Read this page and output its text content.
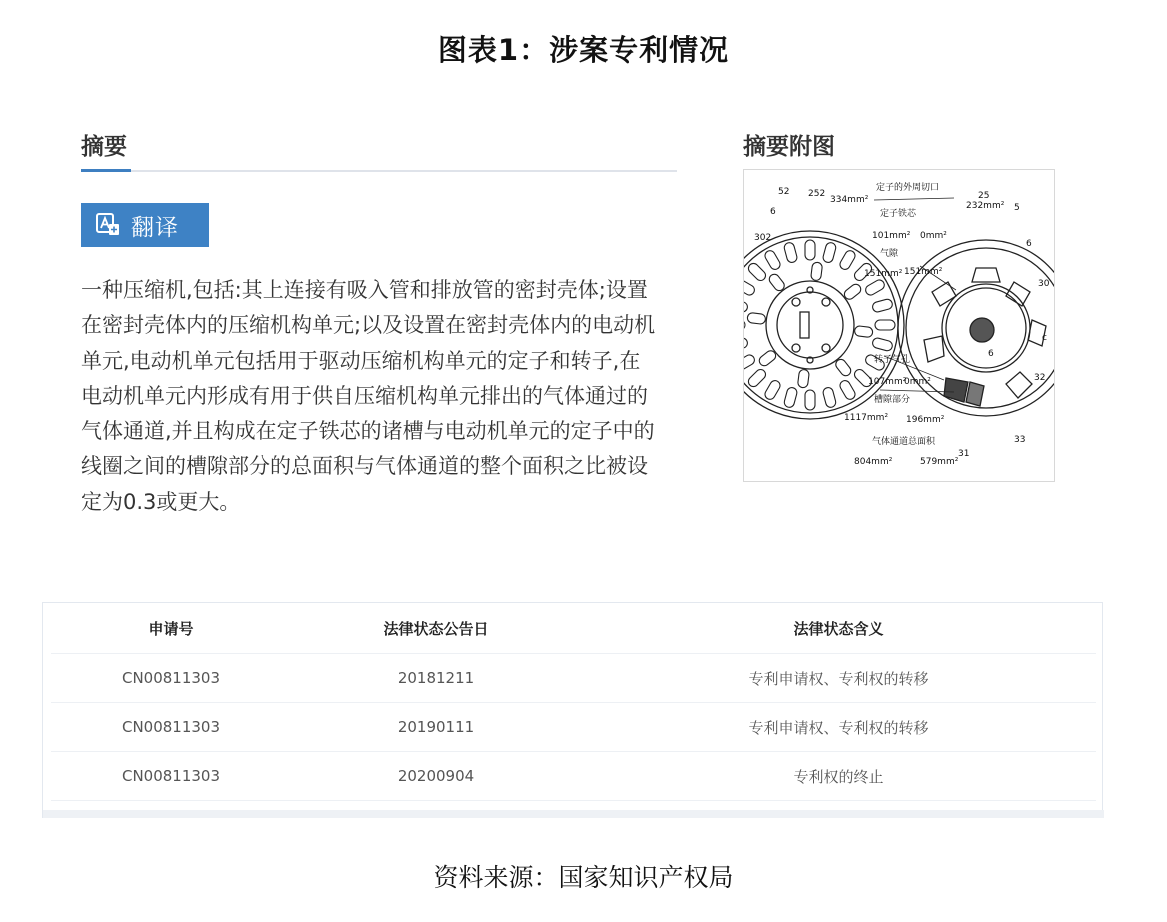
图表1：涉案专利情况
摘要
翻译
一种压缩机,包括:其上连接有吸入管和排放管的密封壳体;设置
在密封壳体内的压缩机构单元;以及设置在密封壳体内的电动机
单元,电动机单元包括用于驱动压缩机构单元的定子和转子,在
电动机单元内形成有用于供自压缩机构单元排出的气体通过的
气体通道,并且构成在定子铁芯的诸槽与电动机单元的定子中的
线圈之间的槽隙部分的总面积与气体通道的整个面积之比被设
定为0.3或更大。
摘要附图
52 252
334mm²
定子的外周切口
定子铁芯
101mm² 0mm²
232mm²
25
5
302
气隙
151mm² 151mm²
30
c
6
6
6
转子气孔
107mm²
0mm²	32
槽隙部分
1117mm² 196mm²
33
气体通道总面积
804mm²	579mm²
31
申请号	法律状态公告日	法律状态含义
CN00811303	20181211	专利申请权、专利权的转移
CN00811303	20190111	专利申请权、专利权的转移
CN00811303	20200904	专利权的终止
资料来源：国家知识产权局
